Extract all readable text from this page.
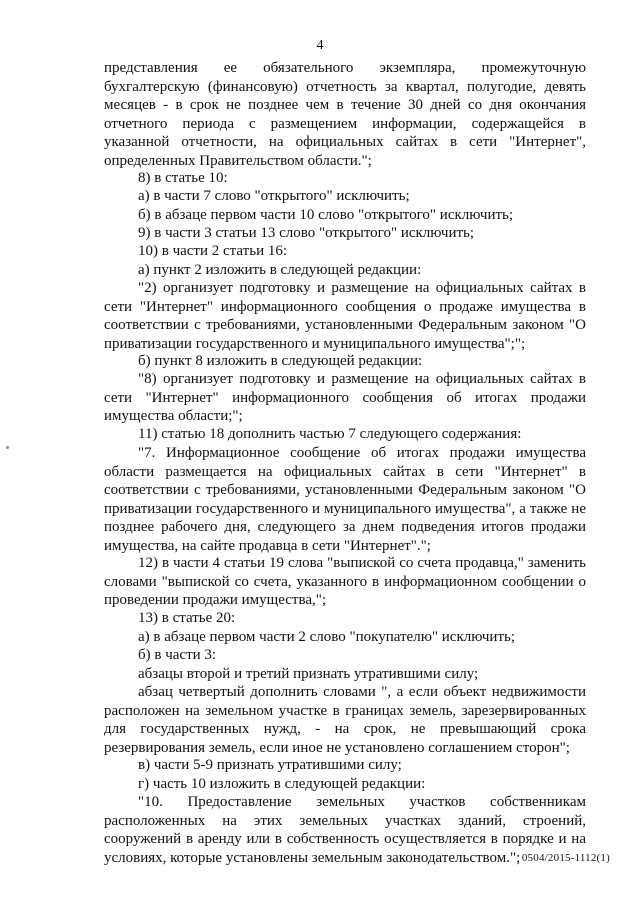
4

представления ее обязательного экземпляра, промежуточную бухгалтерскую (финансовую) отчетность за квартал, полугодие, девять месяцев - в срок не позднее чем в течение 30 дней со дня окончания отчетного периода с размещением информации, содержащейся в указанной отчетности, на официальных сайтах в сети "Интернет", определенных Правительством области.";

8) в статье 10:

а) в части 7 слово "открытого" исключить;

б) в абзаце первом части 10 слово "открытого" исключить;

9) в части 3 статьи 13 слово "открытого" исключить;

10) в части 2 статьи 16:

а) пункт 2 изложить в следующей редакции:

"2) организует подготовку и размещение на официальных сайтах в сети "Интернет" информационного сообщения о продаже имущества в соответствии с требованиями, установленными Федеральным законом "О приватизации государственного и муниципального имущества";";

б) пункт 8 изложить в следующей редакции:

"8) организует подготовку и размещение на официальных сайтах в сети "Интернет" информационного сообщения об итогах продажи имущества области;";

11) статью 18 дополнить частью 7 следующего содержания:

"7. Информационное сообщение об итогах продажи имущества области размещается на официальных сайтах в сети "Интернет" в соответствии с требованиями, установленными Федеральным законом "О приватизации государственного и муниципального имущества", а также не позднее рабочего дня, следующего за днем подведения итогов продажи имущества, на сайте продавца в сети "Интернет".";

12) в части 4 статьи 19 слова "выпиской со счета продавца," заменить словами "выпиской со счета, указанного в информационном сообщении о проведении продажи имущества,";

13) в статье 20:

а) в абзаце первом части 2 слово "покупателю" исключить;

б) в части 3:

абзацы второй и третий признать утратившими силу;

абзац четвертый дополнить словами ", а если объект недвижимости расположен на земельном участке в границах земель, зарезервированных для государственных нужд, - на срок, не превышающий срока резервирования земель, если иное не установлено соглашением сторон";

в) части 5-9 признать утратившими силу;

г) часть 10 изложить в следующей редакции:

"10. Предоставление земельных участков собственникам расположенных на этих земельных участках зданий, строений, сооружений в аренду или в собственность осуществляется в порядке и на условиях, которые установлены земельным законодательством."; 0504/2015-1112(1)
